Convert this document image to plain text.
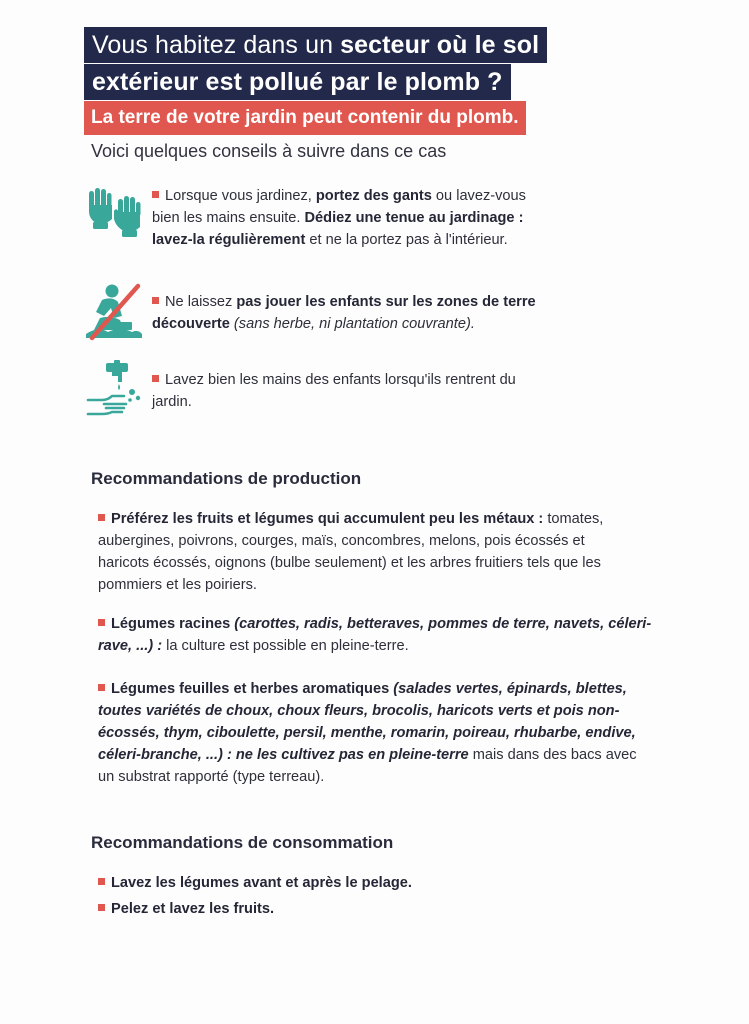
Vous habitez dans un secteur où le sol
extérieur est pollué par le plomb ?
La terre de votre jardin peut contenir du plomb.
Voici quelques conseils à suivre dans ce cas
Lorsque vous jardinez, portez des gants ou lavez-vous
bien les mains ensuite. Dédiez une tenue au jardinage :
lavez-la régulièrement et ne la portez pas à l'intérieur.
Ne laissez pas jouer les enfants sur les zones de terre
découverte (sans herbe, ni plantation couvrante).
Lavez bien les mains des enfants lorsqu'ils rentrent du
jardin.
Recommandations de production
Préférez les fruits et légumes qui accumulent peu les métaux : tomates,
aubergines, poivrons, courges, maïs, concombres, melons, pois écossés et
haricots écossés, oignons (bulbe seulement) et les arbres fruitiers tels que les
pommiers et les poiriers.
Légumes racines (carottes, radis, betteraves, pommes de terre, navets, céleri-
rave, ...) : la culture est possible en pleine-terre.
Légumes feuilles et herbes aromatiques (salades vertes, épinards, blettes,
toutes variétés de choux, choux fleurs, brocolis, haricots verts et pois non-
écossés, thym, ciboulette, persil, menthe, romarin, poireau, rhubarbe, endive,
céleri-branche, ...) : ne les cultivez pas en pleine-terre mais dans des bacs avec
un substrat rapporté (type terreau).
Recommandations de consommation
Lavez les légumes avant et après le pelage.
Pelez et lavez les fruits.
